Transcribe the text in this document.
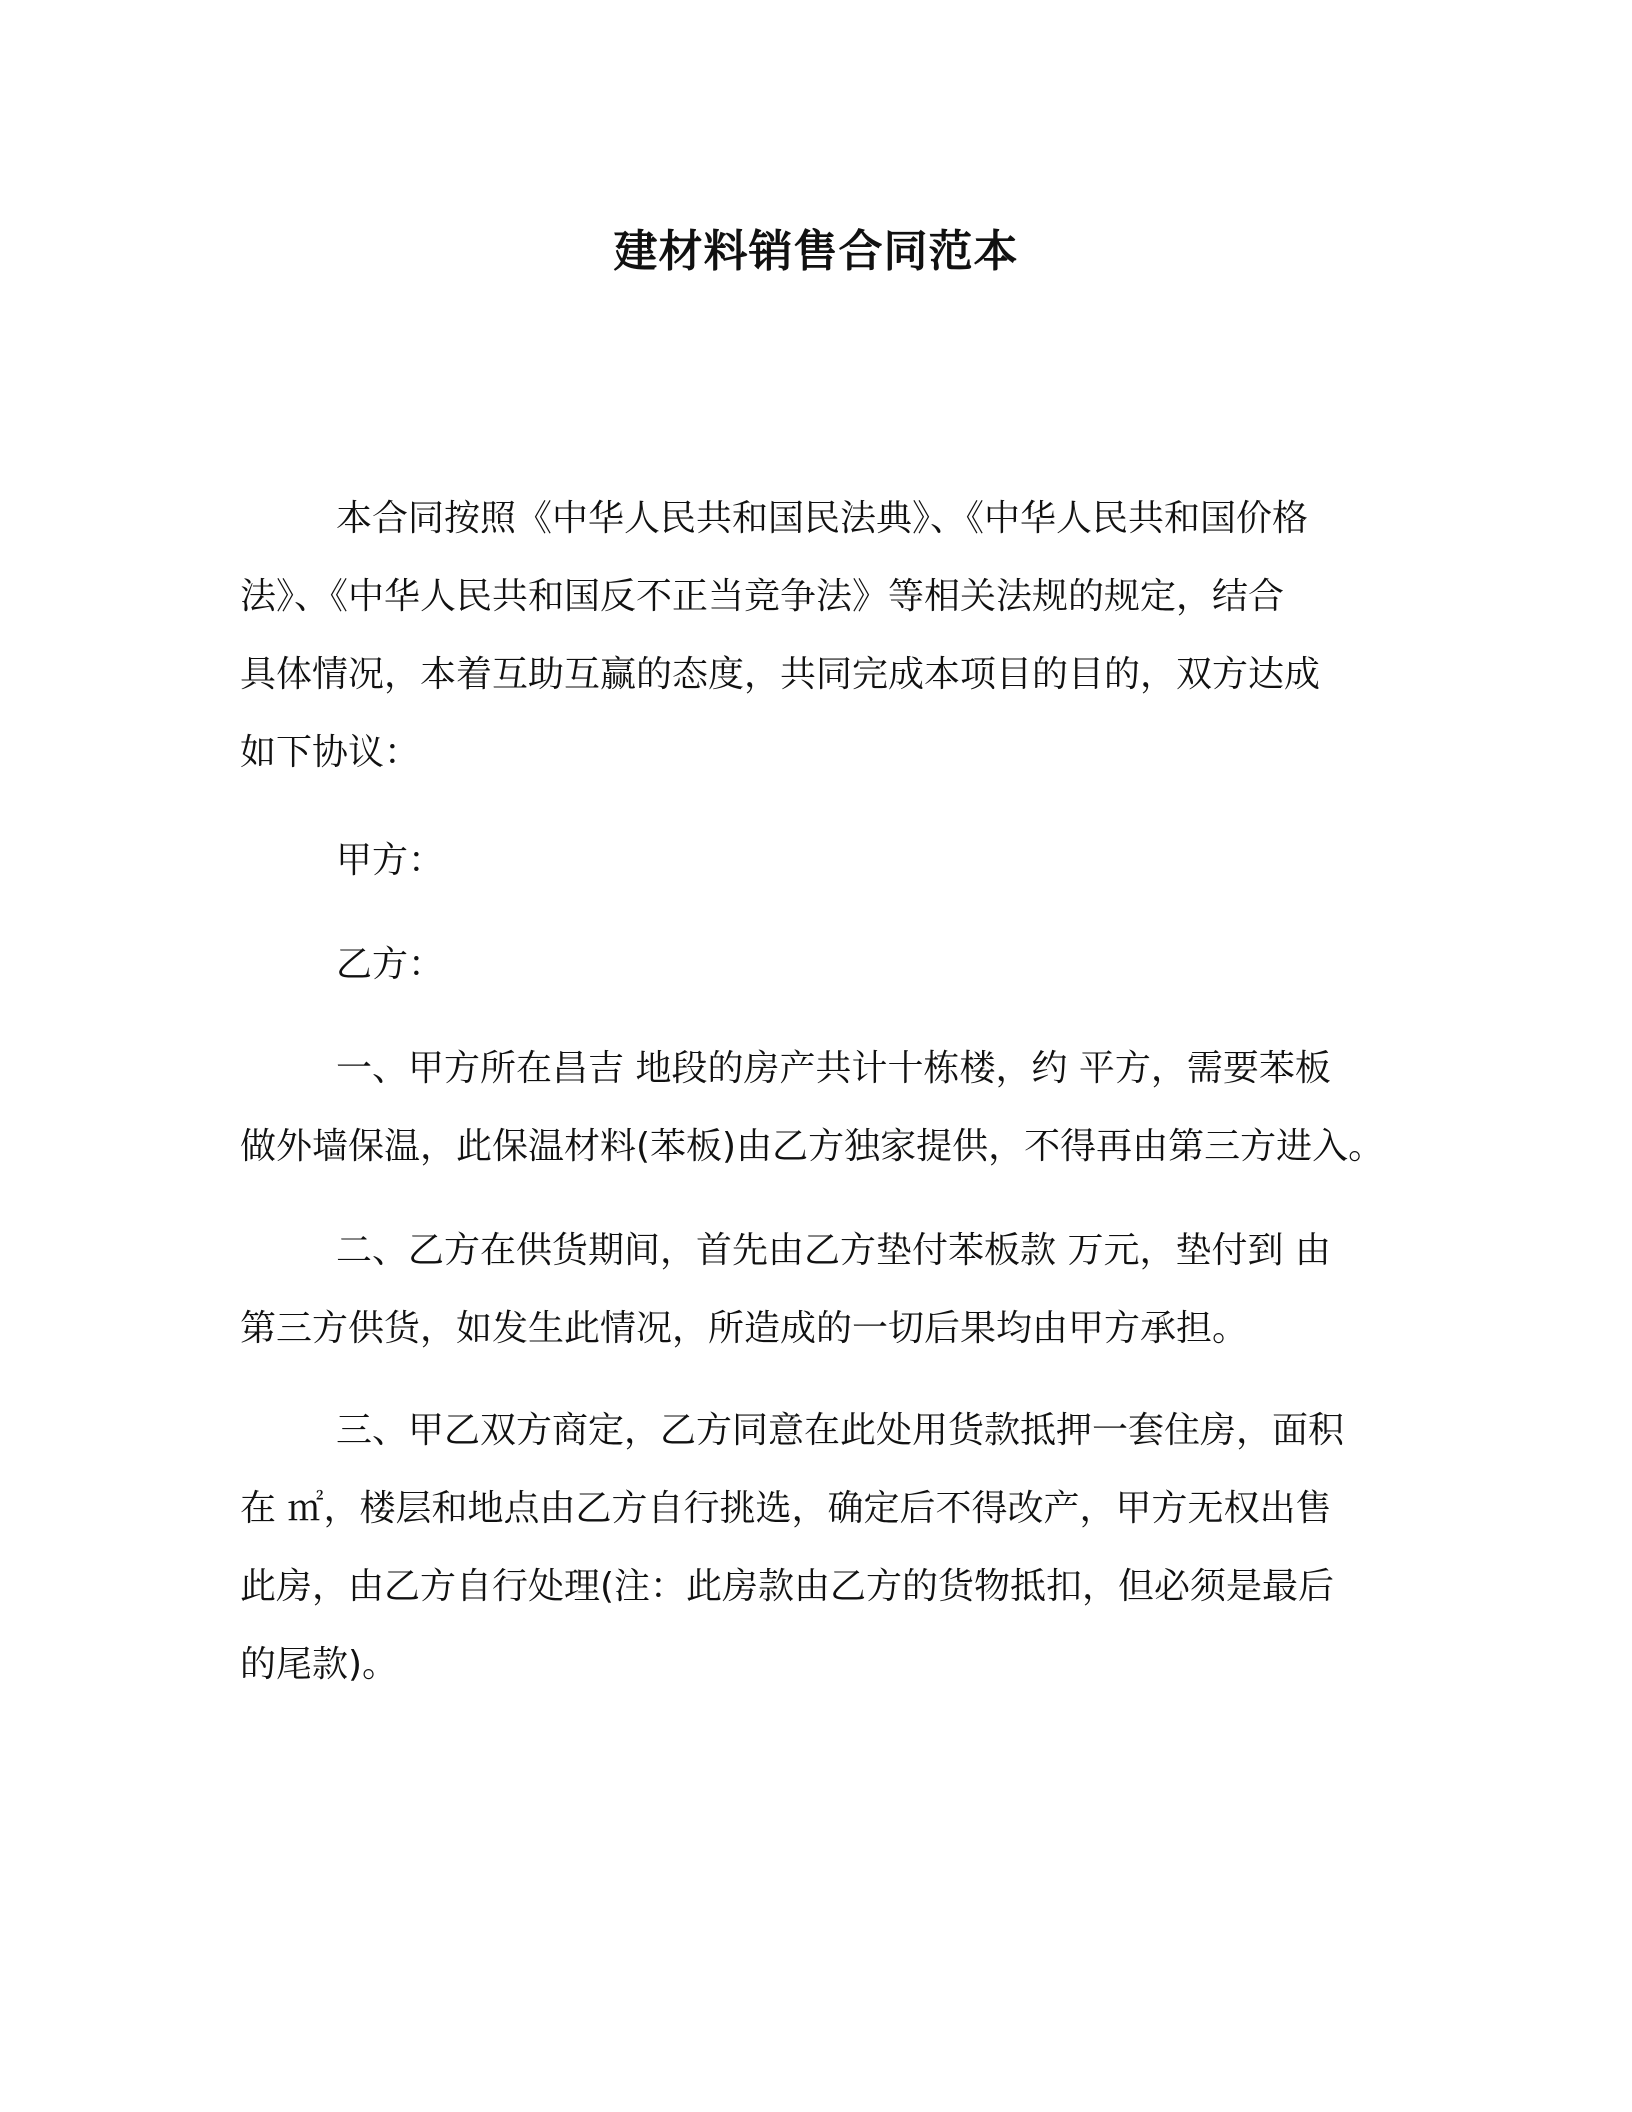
建材料销售合同范本
本合同按照《中华人民共和国民法典》、《中华人民共和国价格
法》、《中华人民共和国反不正当竞争法》等相关法规的规定，结合
具体情况，本着互助互赢的态度，共同完成本项目的目的，双方达成
如下协议：
甲方：
乙方：
一、甲方所在昌吉 地段的房产共计十栋楼，约 平方，需要苯板
做外墙保温，此保温材料(苯板)由乙方独家提供，不得再由第三方进入。
二、乙方在供货期间，首先由乙方垫付苯板款 万元，垫付到 由
第三方供货，如发生此情况，所造成的一切后果均由甲方承担。
三、甲乙双方商定，乙方同意在此处用货款抵押一套住房，面积
在 ㎡，楼层和地点由乙方自行挑选，确定后不得改产，甲方无权出售
此房，由乙方自行处理(注：此房款由乙方的货物抵扣，但必须是最后
的尾款)。
